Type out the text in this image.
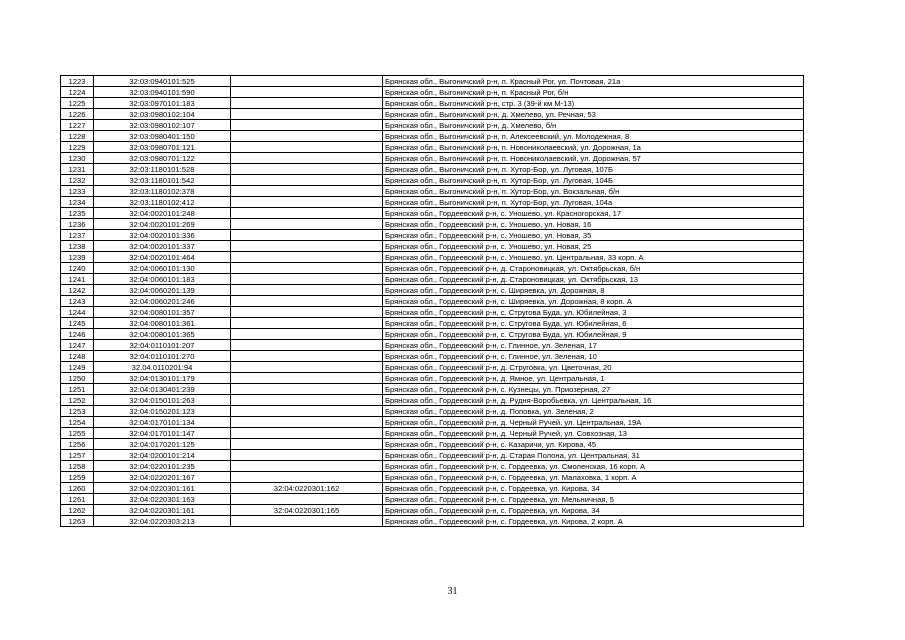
1223	32:03:0940101:525		Брянская обл., Выгоничский р-н, п. Красный Рог, ул. Почтовая, 21а
1224	32:03:0940101:590		Брянская обл., Выгоничский р-н, п. Красный Рог, б/н
1225	32:03:0970101:183		Брянская обл., Выгоничский р-н, стр. 3 (39-й км М-13)
1226	32:03:0980102:104		Брянская обл., Выгоничский р-н, д. Хмелево, ул. Речная, 53
1227	32:03:0980102:107		Брянская обл., Выгоничский р-н, д. Хмелево, б/н
1228	32:03:0980401:150		Брянская обл., Выгоничский р-н, п. Алексеевский, ул. Молодежная, 8
1229	32:03:0980701:121		Брянская обл., Выгоничский р-н, п. Новониколаевский, ул. Дорожная, 1а
1230	32:03:0980701:122		Брянская обл., Выгоничский р-н, п. Новониколаевский, ул. Дорожная, 57
1231	32:03:1180101:528		Брянская обл., Выгоничский р-н, п. Хутор-Бор, ул. Луговая, 107Б
1232	32:03:1180101:542		Брянская обл., Выгоничский р-н, п. Хутор-Бор, ул. Луговая, 104Б
1233	32:03:1180102:378		Брянская обл., Выгоничский р-н, п. Хутор-Бор, ул. Вокзальная, б/н
1234	32:03:1180102:412		Брянская обл., Выгоничский р-н, п. Хутор-Бор, ул. Луговая, 104а
1235	32:04:0020101:248		Брянская обл., Гордеевский р-н, с. Уношево, ул. Красногорская, 17
1236	32:04:0020101:269		Брянская обл., Гордеевский р-н, с. Уношево, ул. Новая, 16
1237	32:04:0020101:336		Брянская обл., Гордеевский р-н, с. Уношево, ул. Новая, 35
1238	32:04:0020101:337		Брянская обл., Гордеевский р-н, с. Уношево, ул. Новая, 25
1239	32:04:0020101:464		Брянская обл., Гордеевский р-н, с. Уношево, ул. Центральная, 33 корп. А
1240	32:04:0060101:130		Брянская обл., Гордеевский р-н, д. Староновицкая, ул. Октябрьская, б/н
1241	32:04:0060101:183		Брянская обл., Гордеевский р-н, д. Староновицкая, ул. Октябрьская, 13
1242	32:04:0060201:139		Брянская обл., Гордеевский р-н, с. Ширяевка, ул. Дорожная, 8
1243	32:04:0060201:246		Брянская обл., Гордеевский р-н, с. Ширяевка, ул. Дорожная, 8 корп. А
1244	32:04:0080101:357		Брянская обл., Гордеевский р-н, с. Струговa Буда, ул. Юбилейная, 3
1245	32:04:0080101:361		Брянская обл., Гордеевский р-н, с. Струговa Буда, ул. Юбилейная, 6
1246	32:04:0080101:365		Брянская обл., Гордеевский р-н, с. Струговa Буда, ул. Юбилейная, 9
1247	32:04:0110101:207		Брянская обл., Гордеевский р-н, с. Глинное, ул. Зеленая, 17
1248	32:04:0110101:270		Брянская обл., Гордеевский р-н, с. Глинное, ул. Зеленая, 10
1249	32.04.0110201:94		Брянская обл., Гордеевский р-н, д. Струговка, ул. Цветочная, 20
1250	32:04:0130101:179		Брянская обл., Гордеевский р-н, д. Ямное, ул. Центральная, 1
1251	32:04:0130401:239		Брянская обл., Гордеевский р-н, с. Кузнецы, ул. Приозерная, 27
1252	32:04:0150101:263		Брянская обл., Гордеевский р-н, д. Рудня-Воробьевка, ул. Центральная, 16
1253	32:04:0150201:123		Брянская обл., Гордеевский р-н, д. Поповка, ул. Зеленая, 2
1254	32:04:0170101:134		Брянская обл., Гордеевский р-н, д. Черный Ручей, ул. Центральная, 19А
1255	32:04:0170101:147		Брянская обл., Гордеевский р-н, д. Черный Ручей, ул. Совхозная, 13
1256	32:04:0170201:125		Брянская обл., Гордеевский р-н, с. Казаричи, ул. Кирова, 45
1257	32:04:0200101:214		Брянская обл., Гордеевский р-н, д. Старая Полона, ул. Центральная, 31
1258	32:04:0220101:235		Брянская обл., Гордеевский р-н, с. Гордеевка, ул. Смоленская, 16 корп. А
1259	32:04:0220201:167		Брянская обл., Гордеевский р-н, с. Гордеевка, ул. Малаховка, 1 корп. А
1260	32:04:0220301:161	32:04:0220301:162	Брянская обл., Гордеевский р-н, с. Гордеевка, ул. Кирова, 34
1261	32:04:0220301:163		Брянская обл., Гордеевский р-н, с. Гордеевка, ул. Мельничная, 5
1262	32:04:0220301:161	32:04:0220301:165	Брянская обл., Гордеевский р-н, с. Гордеевка, ул. Кирова, 34
1263	32:04:0220303:213		Брянская обл., Гордеевский р-н, с. Гордеевка, ул. Кирова, 2 корп. А
31
